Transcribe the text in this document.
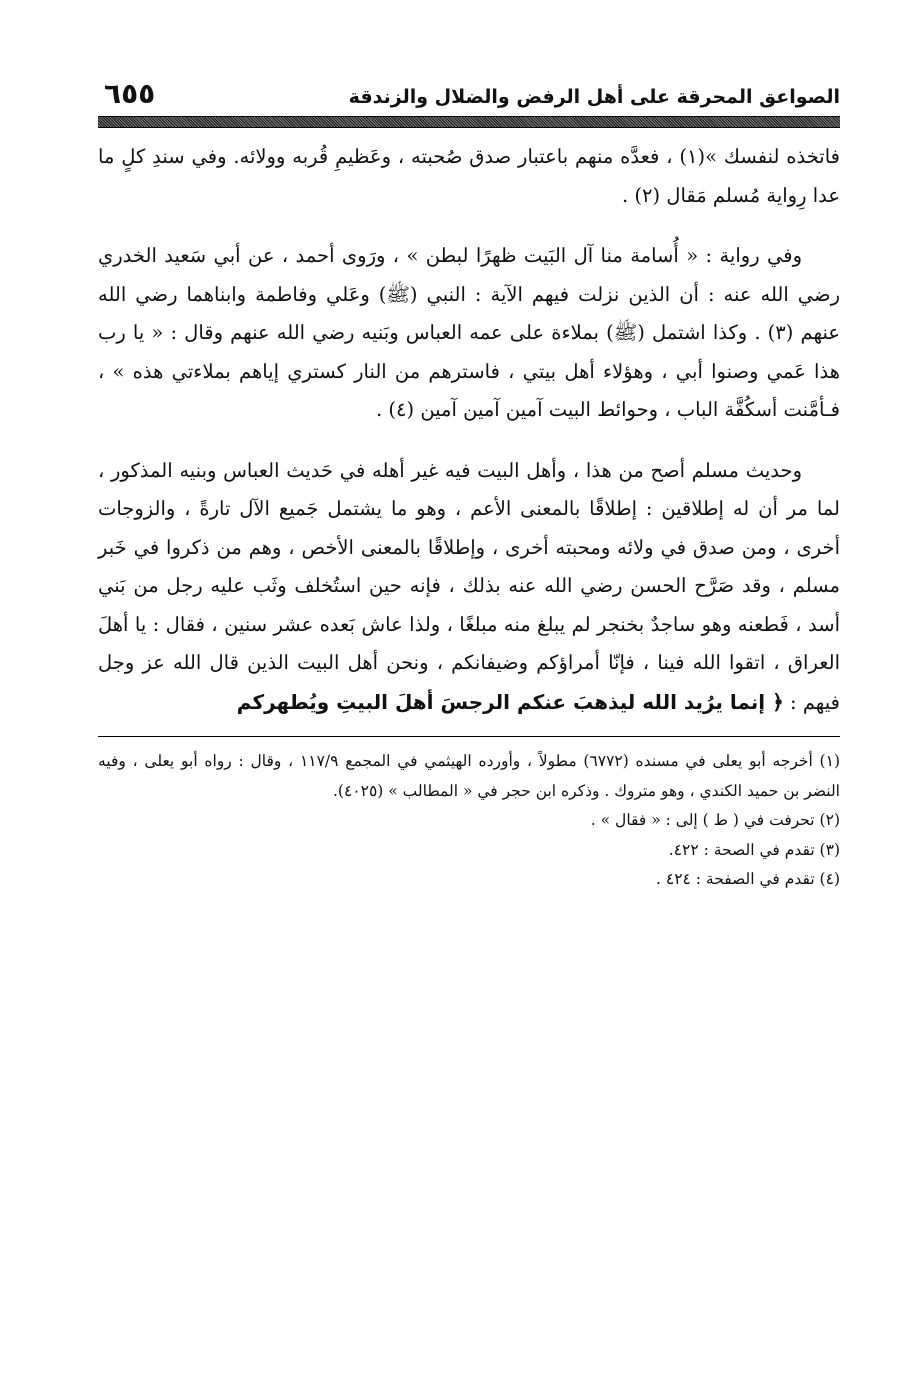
الصواعق المحرقة على أهل الرفض والضلال والزندقة
٦٥٥

فاتخذه لنفسك »(١) ، فعدَّه منهم باعتبار صدق صُحبته ، وعَظيمِ قُربه وولائه. وفي سندِ كلٍ ما عدا رِواية مُسلم مَقال (٢) .

وفي رواية : « أُسامة منا آل البَيت ظهرًا لبطن » ، ورَوى أحمد ، عن أبي سَعيد الخدري رضي الله عنه : أن الذين نزلت فيهم الآية : النبي (ﷺ) وعَلي وفاطمة وابناهما رضي الله عنهم (٣) . وكذا اشتمل (ﷺ) بملاءة على عمه العباس وبَنيه رضي الله عنهم وقال : « يا رب هذا عَمي وصنوا أبي ، وهؤلاء أهل بيتي ، فاسترهم من النار كستري إياهم بملاءتي هذه » ، فـأمَّنت أسكُفَّة الباب ، وحوائط البيت آمين آمين آمين (٤) .

وحديث مسلم أصح من هذا ، وأهل البيت فيه غير أهله في حَديث العباس وبنيه المذكور ، لما مر أن له إطلاقين : إطلاقًا بالمعنى الأعم ، وهو ما يشتمل جَميع الآل تارةً ، والزوجات أخرى ، ومن صدق في ولائه ومحبته أخرى ، وإطلاقًا بالمعنى الأخص ، وهم من ذكروا في خَبر مسلم ، وقد صَرَّح الحسن رضي الله عنه بذلك ، فإنه حين استُخلف وثَب عليه رجل من بَني أسد ، فَطعنه وهو ساجدٌ بخنجر لم يبلغ منه مبلغًا ، ولذا عاش بَعده عشر سنين ، فقال : يا أهلَ العراق ، اتقوا الله فينا ، فإنّا أمراؤكم وضيفانكم ، ونحن أهل البيت الذين قال الله عز وجل فيهم : ﴿ إنما يرُيد الله ليذهبَ عنكم الرجسَ أهلَ البيتِ ويُطهركم

(١) أخرجه أبو يعلى في مسنده (٦٧٧٢) مطولاً ، وأورده الهيثمي في المجمع ١١٧/٩ ، وقال : رواه أبو يعلى ، وفيه النضر بن حميد الكندي ، وهو متروك . وذكره ابن حجر في « المطالب » (٤٠٢٥).

(٢) تحرفت في ( ط ) إلى : « فقال » .

(٣) تقدم في الصحة : ٤٢٢.

(٤) تقدم في الصفحة : ٤٢٤ .
